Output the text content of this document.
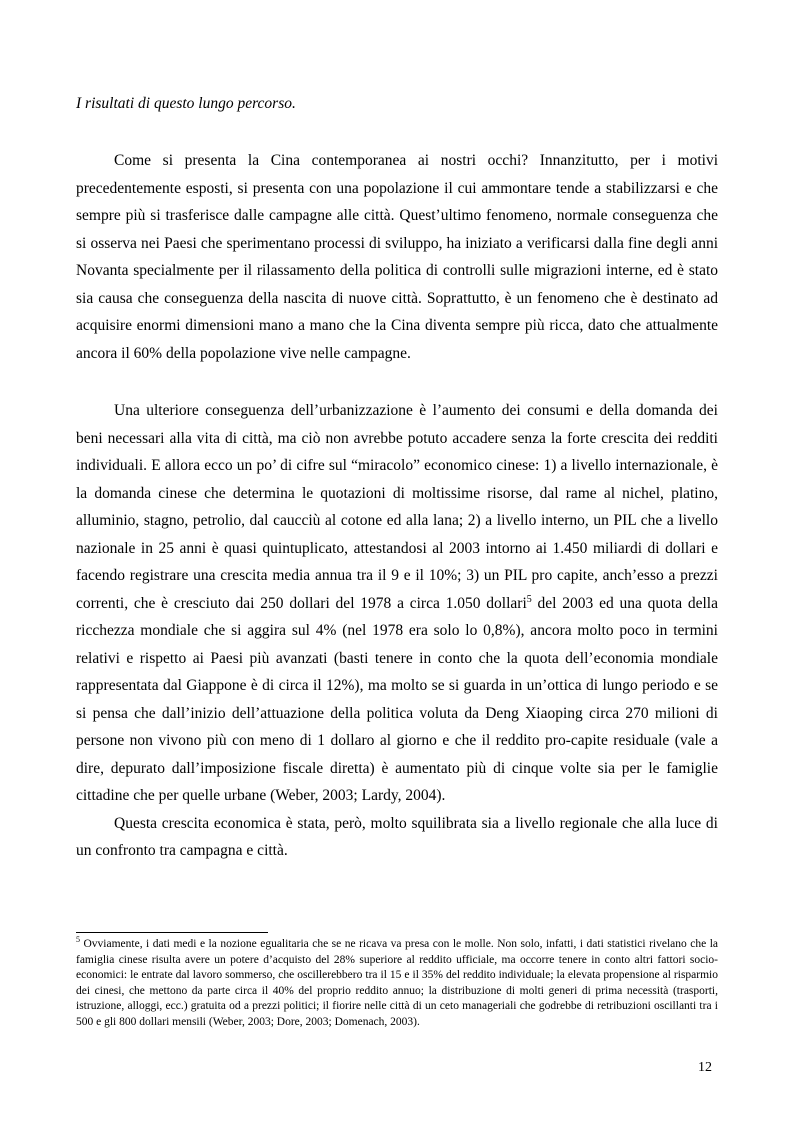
I risultati di questo lungo percorso.

Come si presenta la Cina contemporanea ai nostri occhi? Innanzitutto, per i motivi precedentemente esposti, si presenta con una popolazione il cui ammontare tende a stabilizzarsi e che sempre più si trasferisce dalle campagne alle città. Quest’ultimo fenomeno, normale conseguenza che si osserva nei Paesi che sperimentano processi di sviluppo, ha iniziato a verificarsi dalla fine degli anni Novanta specialmente per il rilassamento della politica di controlli sulle migrazioni interne, ed è stato sia causa che conseguenza della nascita di nuove città. Soprattutto, è un fenomeno che è destinato ad acquisire enormi dimensioni mano a mano che la Cina diventa sempre più ricca, dato che attualmente ancora il 60% della popolazione vive nelle campagne.

Una ulteriore conseguenza dell’urbanizzazione è l’aumento dei consumi e della domanda dei beni necessari alla vita di città, ma ciò non avrebbe potuto accadere senza la forte crescita dei redditi individuali. E allora ecco un po’ di cifre sul “miracolo” economico cinese: 1) a livello internazionale, è la domanda cinese che determina le quotazioni di moltissime risorse, dal rame al nichel, platino, alluminio, stagno, petrolio, dal caucciù al cotone ed alla lana; 2) a livello interno, un PIL che a livello nazionale in 25 anni è quasi quintuplicato, attestandosi al 2003 intorno ai 1.450 miliardi di dollari e facendo registrare una crescita media annua tra il 9 e il 10%; 3) un PIL pro capite, anch’esso a prezzi correnti, che è cresciuto dai 250 dollari del 1978 a circa 1.050 dollari$^5$ del 2003 ed una quota della ricchezza mondiale che si aggira sul 4% (nel 1978 era solo lo 0,8%), ancora molto poco in termini relativi e rispetto ai Paesi più avanzati (basti tenere in conto che la quota dell’economia mondiale rappresentata dal Giappone è di circa il 12%), ma molto se si guarda in un’ottica di lungo periodo e se si pensa che dall’inizio dell’attuazione della politica voluta da Deng Xiaoping circa 270 milioni di persone non vivono più con meno di 1 dollaro al giorno e che il reddito pro-capite residuale (vale a dire, depurato dall’imposizione fiscale diretta) è aumentato più di cinque volte sia per le famiglie cittadine che per quelle urbane (Weber, 2003; Lardy, 2004).

Questa crescita economica è stata, però, molto squilibrata sia a livello regionale che alla luce di un confronto tra campagna e città.

$^5$ Ovviamente, i dati medi e la nozione egualitaria che se ne ricava va presa con le molle. Non solo, infatti, i dati statistici rivelano che la famiglia cinese risulta avere un potere d’acquisto del 28% superiore al reddito ufficiale, ma occorre tenere in conto altri fattori socio-economici: le entrate dal lavoro sommerso, che oscillerebbero tra il 15 e il 35% del reddito individuale; la elevata propensione al risparmio dei cinesi, che mettono da parte circa il 40% del proprio reddito annuo; la distribuzione di molti generi di prima necessità (trasporti, istruzione, alloggi, ecc.) gratuita od a prezzi politici; il fiorire nelle città di un ceto manageriali che godrebbe di retribuzioni oscillanti tra i 500 e gli 800 dollari mensili (Weber, 2003; Dore, 2003; Domenach, 2003).

12
